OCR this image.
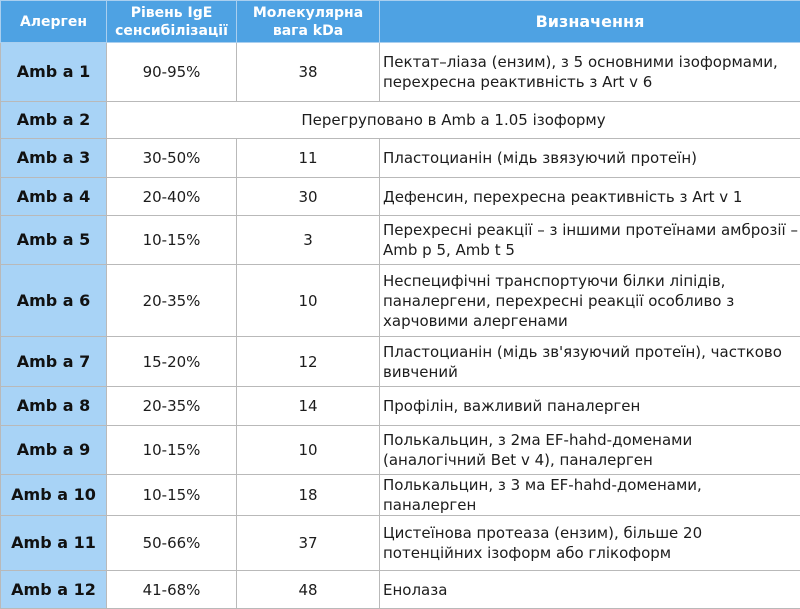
Алерген	Рівень IgE сенсибілізації	Молекулярна вага kDa	Визначення
Amb a 1	90-95%	38	Пектат–ліаза (ензим), з 5 основними ізоформами, перехресна реактивність з Art v 6
Amb a 2	Перегруповано в Amb a 1.05 ізоформу		
Amb a 3	30-50%	11	Пластоцианін (мідь звязуючий протеїн)
Amb a 4	20-40%	30	Дефенсин, перехресна реактивність з Art v 1
Amb a 5	10-15%	3	Перехресні реакції – з іншими протеїнами амброзії – Amb p 5, Amb t 5
Amb a 6	20-35%	10	Неспецифічні транспортуючи білки ліпідів, паналергени, перехресні реакції особливо з харчовими алергенами
Amb a 7	15-20%	12	Пластоцианін (мідь зв'язуючий протеїн), частково вивчений
Amb a 8	20-35%	14	Профілін, важливий паналерген
Amb a 9	10-15%	10	Полькальцин, з 2ма EF-hahd-доменами (аналогічний Bet v 4), паналерген
Amb a 10	10-15%	18	Полькальцин, з 3 ма EF-hahd-доменами, паналерген
Amb a 11	50-66%	37	Цистеїнова протеаза (ензим), більше 20 потенційних ізоформ або глікоформ
Amb a 12	41-68%	48	Енолаза
